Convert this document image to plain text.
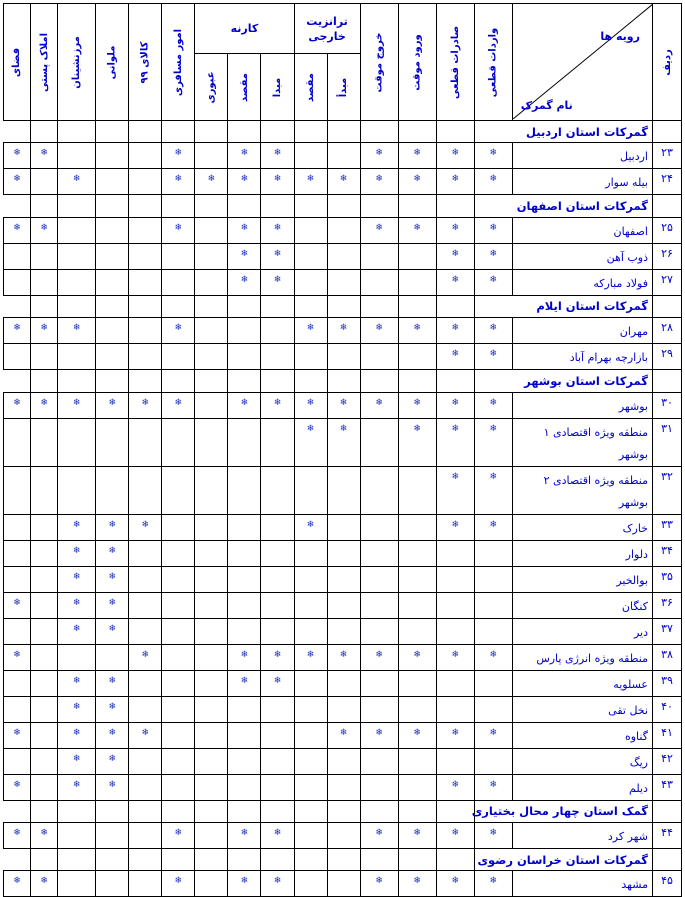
ردیف	رویه ها
نام گمرک	واردات قطعی	صادرات قطعی	ورود موقت	خروج موقت	ترانزیت خارجی		کارنه			امور مسافری	کالای ۹۹	ملوانی	مرزنشینان	املاک پستی	فضای

						مبدأ	مقصد	مبدا	مقصد	عبوری						

	گمرکات استان اردبیل															
۲۳	اردبیل	❄	❄	❄	❄			❄	❄		❄				❄	❄
۲۴	بیله سوار	❄	❄	❄	❄	❄	❄	❄	❄	❄	❄			❄		❄
	گمرکات استان اصفهان															
۲۵	اصفهان	❄	❄	❄	❄			❄	❄		❄				❄	❄
۲۶	ذوب آهن	❄	❄					❄	❄							
۲۷	فولاد مبارکه	❄	❄					❄	❄							
	گمرکات استان ایلام															
۲۸	مهران	❄	❄	❄	❄	❄	❄				❄			❄	❄	❄
۲۹	بازارچه بهرام آباد	❄	❄													
	گمرکات استان بوشهر															
۳۰	بوشهر	❄	❄	❄	❄	❄	❄	❄	❄		❄	❄	❄	❄	❄	❄
۳۱	منطقه ویژه اقتصادی ۱ بوشهر	❄	❄	❄		❄	❄									
۳۲	منطقه ویژه اقتصادی ۲ بوشهر	❄	❄													
۳۳	خارک	❄	❄				❄					❄	❄	❄		
۳۴	دلوار												❄	❄		
۳۵	بوالخیر												❄	❄		
۳۶	کنگان												❄	❄		❄
۳۷	دیر												❄	❄		
۳۸	منطقه ویژه انرژی پارس	❄	❄	❄	❄	❄	❄	❄	❄			❄				❄
۳۹	عسلویه							❄	❄				❄	❄		
۴۰	نخل تقی												❄	❄		
۴۱	گناوه	❄	❄	❄	❄	❄						❄	❄	❄		❄
۴۲	ریگ												❄	❄		
۴۳	دیلم	❄	❄										❄	❄		❄
	گمک استان چهار محال بختیاری															
۴۴	شهر کرد	❄	❄	❄	❄			❄	❄		❄				❄	❄
	گمرکات استان خراسان رضوی															
۴۵	مشهد	❄	❄	❄	❄			❄	❄		❄				❄	❄
